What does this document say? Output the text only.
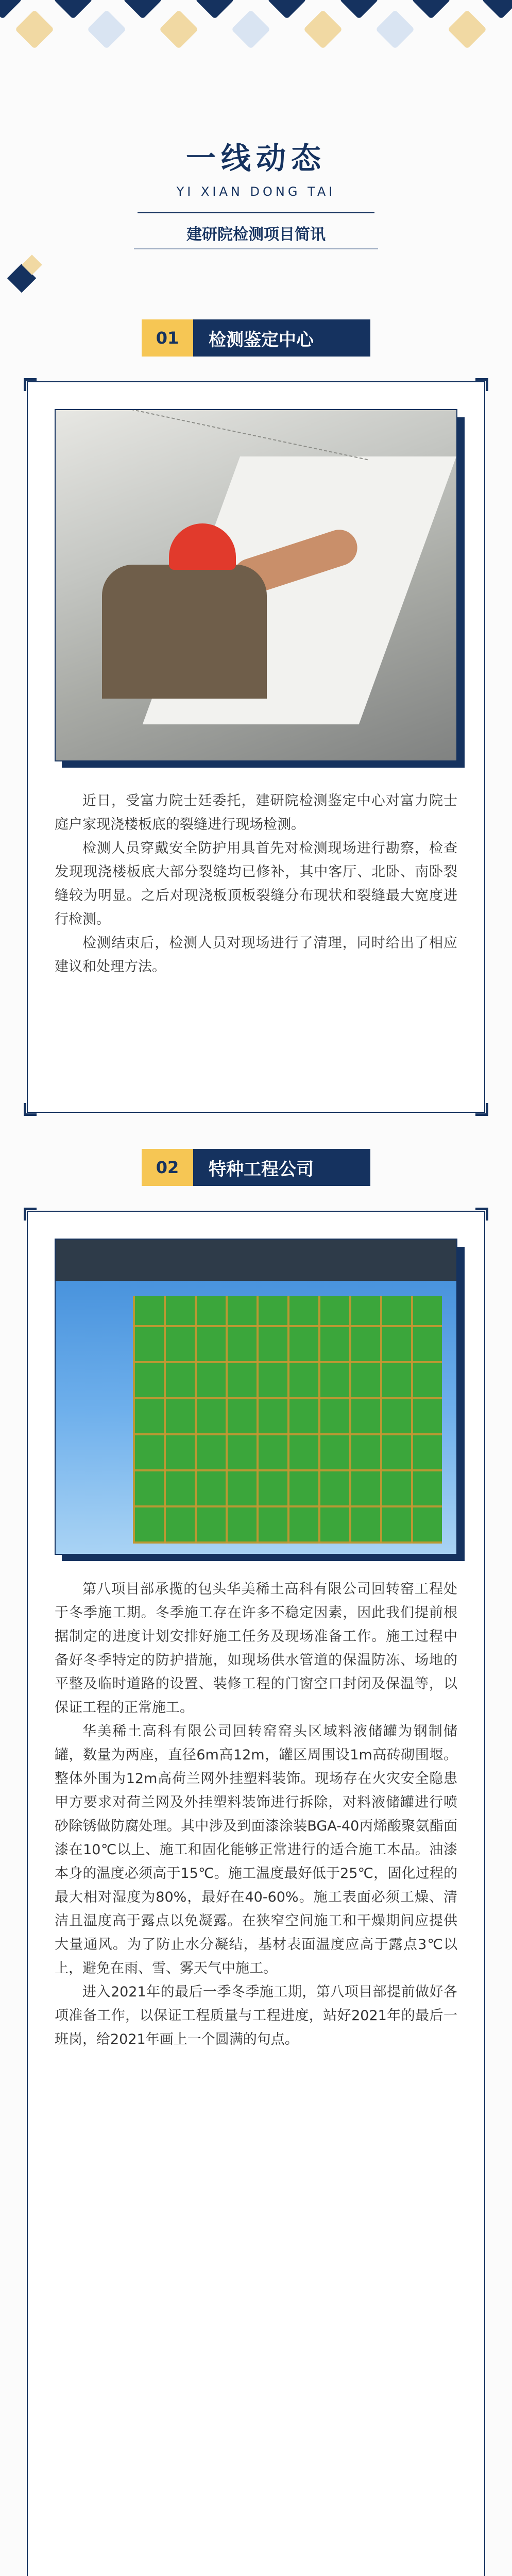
一线动态
YI XIAN DONG TAI
建研院检测项目简讯
01	检测鉴定中心

近日，受富力院士廷委托，建研院检测鉴定中心对富力院士庭户家现浇楼板底的裂缝进行现场检测。

检测人员穿戴安全防护用具首先对检测现场进行勘察，检查发现现浇楼板底大部分裂缝均已修补，其中客厅、北卧、南卧裂缝较为明显。之后对现浇板顶板裂缝分布现状和裂缝最大宽度进行检测。

检测结束后，检测人员对现场进行了清理，同时给出了相应建议和处理方法。

02	特种工程公司

第八项目部承揽的包头华美稀土高科有限公司回转窑工程处于冬季施工期。冬季施工存在许多不稳定因素，因此我们提前根据制定的进度计划安排好施工任务及现场准备工作。施工过程中备好冬季特定的防护措施，如现场供水管道的保温防冻、场地的平整及临时道路的设置、装修工程的门窗空口封闭及保温等，以保证工程的正常施工。

华美稀土高科有限公司回转窑窑头区域料液储罐为钢制储罐，数量为两座，直径6m高12m，罐区周围设1m高砖砌围堰。整体外围为12m高荷兰网外挂塑料装饰。现场存在火灾安全隐患甲方要求对荷兰网及外挂塑料装饰进行拆除，对料液储罐进行喷砂除锈做防腐处理。其中涉及到面漆涂装BGA-40丙烯酸聚氨酯面漆在10℃以上、施工和固化能够正常进行的适合施工本品。油漆本身的温度必须高于15℃。施工温度最好低于25℃，固化过程的最大相对湿度为80%，最好在40-60%。施工表面必须工燥、清洁且温度高于露点以免凝露。在狭窄空间施工和干燥期间应提供大量通风。为了防止水分凝结，基材表面温度应高于露点3℃以上，避免在雨、雪、雾天气中施工。

进入2021年的最后一季冬季施工期，第八项目部提前做好各项准备工作，以保证工程质量与工程进度，站好2021年的最后一班岗，给2021年画上一个圆满的句点。
